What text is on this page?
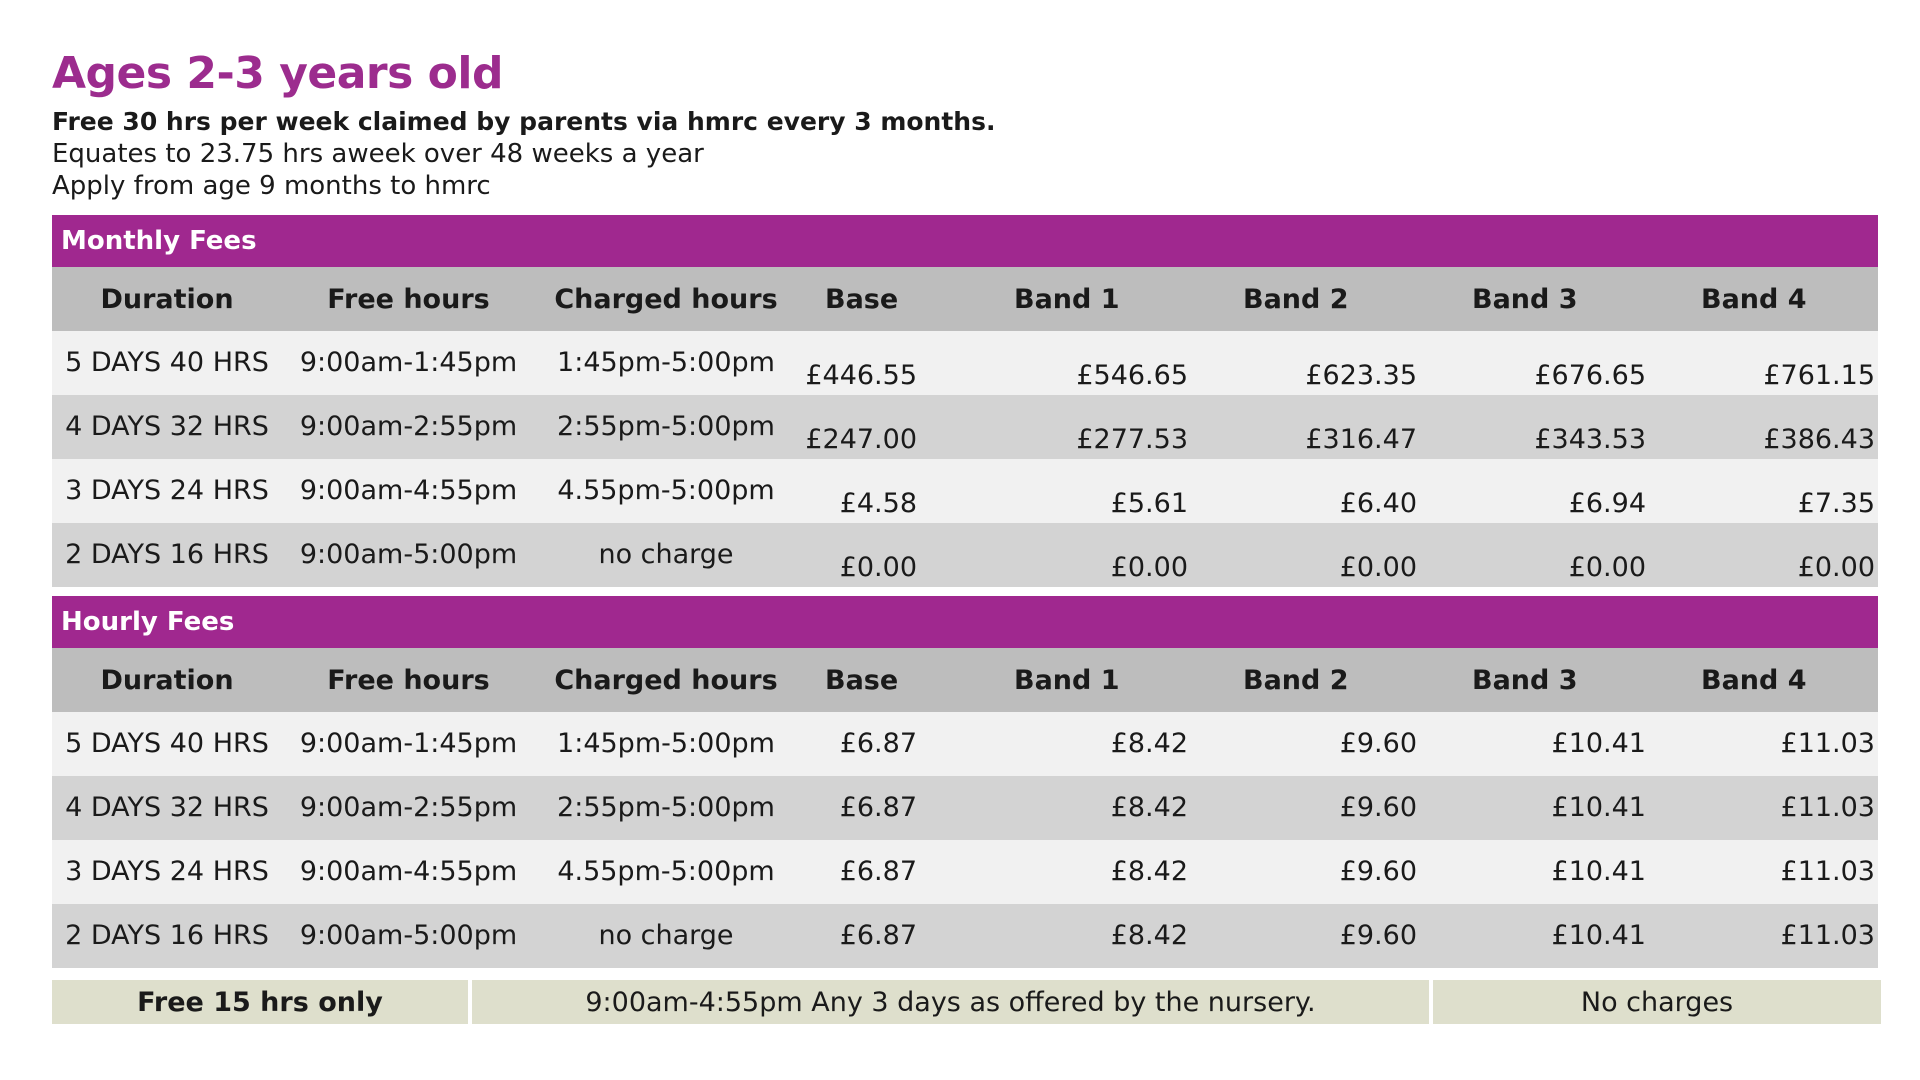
Ages 2-3 years old
Free 30 hrs per week claimed by parents via hmrc every 3 months.
Equates to 23.75 hrs aweek over 48 weeks a year
Apply from age 9 months to hmrc
Monthly Fees
Duration	Free hours	Charged hours	Base	Band 1	Band 2	Band 3	Band 4
5 DAYS 40 HRS	9:00am-1:45pm	1:45pm-5:00pm	£446.55	£546.65	£623.35	£676.65	£761.15
4 DAYS 32 HRS	9:00am-2:55pm	2:55pm-5:00pm	£247.00	£277.53	£316.47	£343.53	£386.43
3 DAYS 24 HRS	9:00am-4:55pm	4.55pm-5:00pm	£4.58	£5.61	£6.40	£6.94	£7.35
2 DAYS 16 HRS	9:00am-5:00pm	no charge	£0.00	£0.00	£0.00	£0.00	£0.00
Hourly Fees
Duration	Free hours	Charged hours	Base	Band 1	Band 2	Band 3	Band 4
5 DAYS 40 HRS	9:00am-1:45pm	1:45pm-5:00pm	£6.87	£8.42	£9.60	£10.41	£11.03
4 DAYS 32 HRS	9:00am-2:55pm	2:55pm-5:00pm	£6.87	£8.42	£9.60	£10.41	£11.03
3 DAYS 24 HRS	9:00am-4:55pm	4.55pm-5:00pm	£6.87	£8.42	£9.60	£10.41	£11.03
2 DAYS 16 HRS	9:00am-5:00pm	no charge	£6.87	£8.42	£9.60	£10.41	£11.03
Free 15 hrs only	9:00am-4:55pm Any 3 days as offered by the nursery.	No charges
